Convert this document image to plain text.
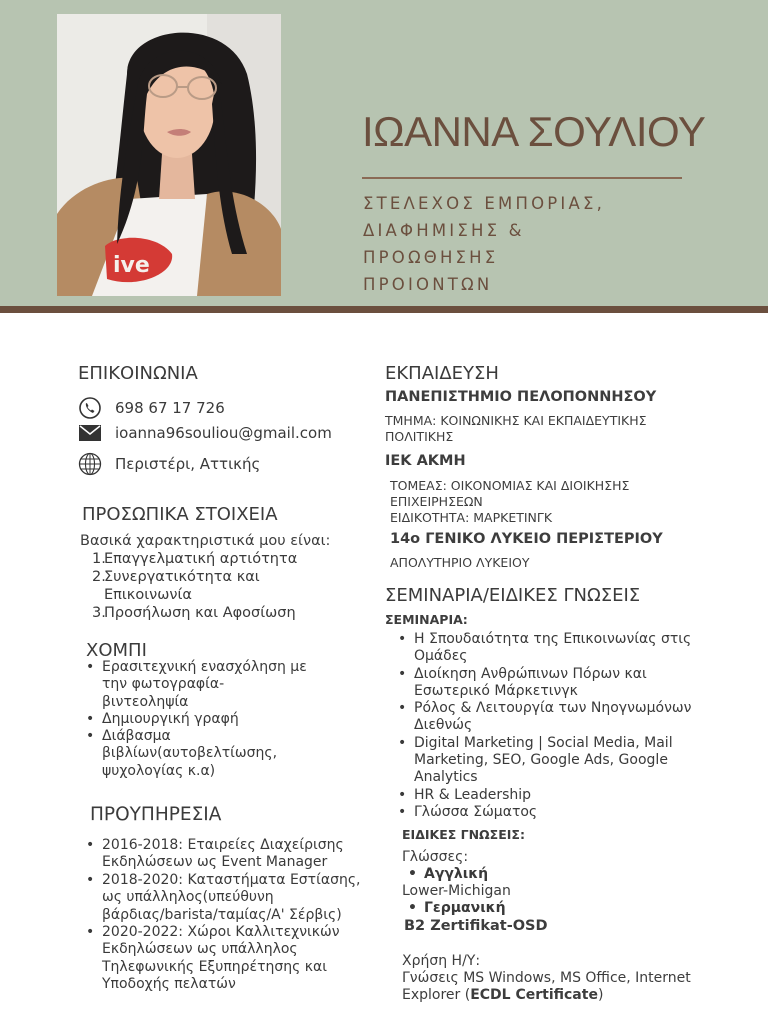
ive
ΙΩΑΝΝΑ ΣΟΥΛΙΟΥ
ΣΤΕΛΕΧΟΣ ΕΜΠΟΡΙΑΣ,
ΔΙΑΦΗΜΙΣΗΣ &
ΠΡΟΩΘΗΣΗΣ
ΠΡΟΙΟΝΤΩΝ
ΕΠΙΚΟΙΝΩΝΙΑ
698 67 17 726
ioanna96souliou@gmail.com
Περιστέρι, Αττικής
ΠΡΟΣΩΠΙΚΑ ΣΤΟΙΧΕΙΑ
Βασικά χαρακτηριστικά μου είναι:
1.
Επαγγελματική αρτιότητα
2.
Συνεργατικότητα και
Επικοινωνία
3.
Προσήλωση και Αφοσίωση
ΧΟΜΠΙ
• Ερασιτεχνική ενασχόληση με
την φωτογραφία-
βιντεοληψία
• Δημιουργική γραφή
• Διάβασμα
βιβλίων(αυτοβελτίωσης,
ψυχολογίας κ.α)
ΠΡΟΥΠΗΡΕΣΙΑ
• 2016-2018: Εταιρείες Διαχείρισης
Εκδηλώσεων ως Event Manager
• 2018-2020: Καταστήματα Εστίασης,
ως υπάλληλος(υπεύθυνη
βάρδιας/barista/ταμίας/Α' Σέρβις)
• 2020-2022: Χώροι Καλλιτεχνικών
Εκδηλώσεων ως υπάλληλος
Τηλεφωνικής Εξυπηρέτησης και
Υποδοχής πελατών
ΕΚΠΑΙΔΕΥΣΗ
ΠΑΝΕΠΙΣΤΗΜΙΟ ΠΕΛΟΠΟΝΝΗΣΟΥ
ΤΜΗΜΑ: ΚΟΙΝΩΝΙΚΗΣ ΚΑΙ ΕΚΠΑΙΔΕΥΤΙΚΗΣ
ΠΟΛΙΤΙΚΗΣ
ΙΕΚ ΑΚΜΗ
ΤΟΜΕΑΣ: ΟΙΚΟΝΟΜΙΑΣ ΚΑΙ ΔΙΟΙΚΗΣΗΣ
ΕΠΙΧΕΙΡΗΣΕΩΝ
ΕΙΔΙΚΟΤΗΤΑ: ΜΑΡΚΕΤΙΝΓΚ
14ο ΓΕΝΙΚΟ ΛΥΚΕΙΟ ΠΕΡΙΣΤΕΡΙΟΥ
ΑΠΟΛΥΤΗΡΙΟ ΛΥΚΕΙΟΥ
ΣΕΜΙΝΑΡΙΑ/ΕΙΔΙΚΕΣ ΓΝΩΣΕΙΣ
ΣΕΜΙΝΑΡΙΑ:
• Η Σπουδαιότητα της Επικοινωνίας στις
Ομάδες
• Διοίκηση Ανθρώπινων Πόρων και
Εσωτερικό Μάρκετινγκ
• Ρόλος & Λειτουργία των Νηογνωμόνων
Διεθνώς
• Digital Marketing | Social Media, Mail
Marketing, SEO, Google Ads, Google
Analytics
• HR & Leadership
• Γλώσσα Σώματος
ΕΙΔΙΚΕΣ ΓΝΩΣΕΙΣ:
Γλώσσες:
• Αγγλική
Lower-Michigan
• Γερμανική
B2 Zertifikat-OSD
Χρήση Η/Υ:
Γνώσεις MS Windows, MS Office, Internet
Explorer (ECDL Certificate)
